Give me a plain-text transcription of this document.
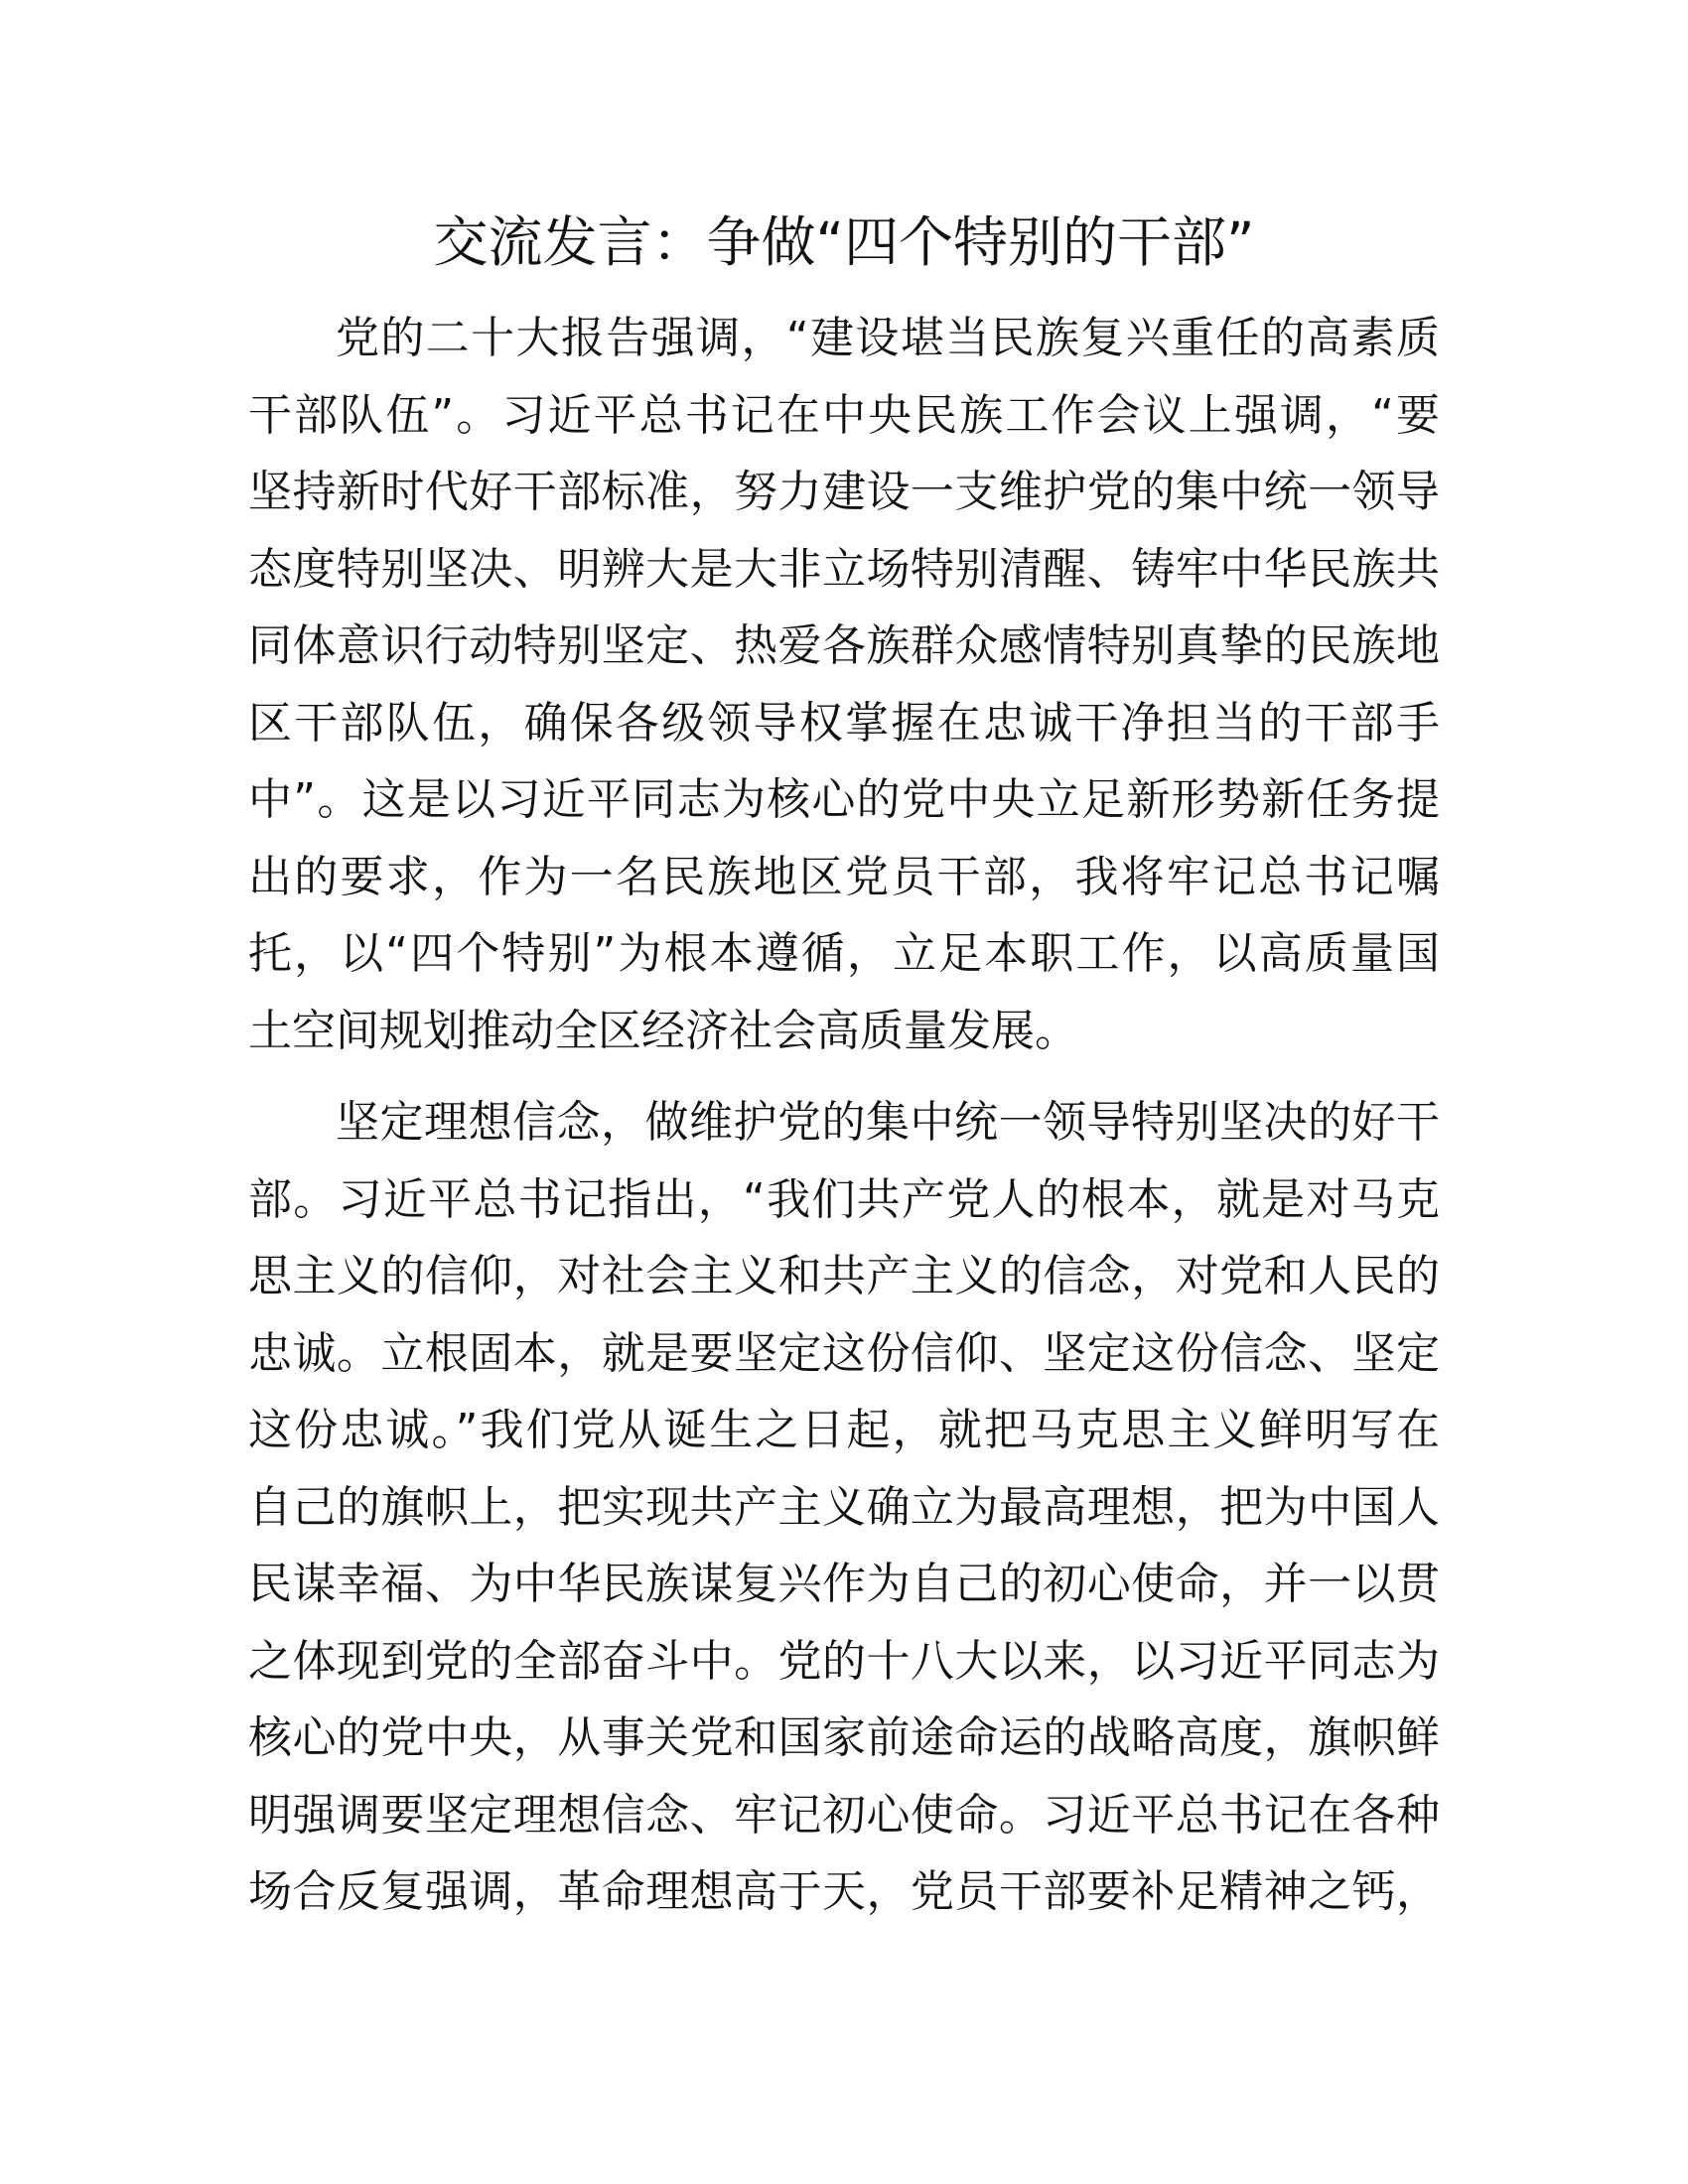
交流发言：争做“四个特别的干部”
党的二十大报告强调，“建设堪当民族复兴重任的高素质
干部队伍”。习近平总书记在中央民族工作会议上强调，“要
坚持新时代好干部标准，努力建设一支维护党的集中统一领导
态度特别坚决、明辨大是大非立场特别清醒、铸牢中华民族共
同体意识行动特别坚定、热爱各族群众感情特别真挚的民族地
区干部队伍，确保各级领导权掌握在忠诚干净担当的干部手
中”。这是以习近平同志为核心的党中央立足新形势新任务提
出的要求，作为一名民族地区党员干部，我将牢记总书记嘱
托，以“四个特别”为根本遵循，立足本职工作，以高质量国
土空间规划推动全区经济社会高质量发展。
坚定理想信念，做维护党的集中统一领导特别坚决的好干
部。习近平总书记指出，“我们共产党人的根本，就是对马克
思主义的信仰，对社会主义和共产主义的信念，对党和人民的
忠诚。立根固本，就是要坚定这份信仰、坚定这份信念、坚定
这份忠诚。”我们党从诞生之日起，就把马克思主义鲜明写在
自己的旗帜上，把实现共产主义确立为最高理想，把为中国人
民谋幸福、为中华民族谋复兴作为自己的初心使命，并一以贯
之体现到党的全部奋斗中。党的十八大以来，以习近平同志为
核心的党中央，从事关党和国家前途命运的战略高度，旗帜鲜
明强调要坚定理想信念、牢记初心使命。习近平总书记在各种
场合反复强调，革命理想高于天，党员干部要补足精神之钙，
